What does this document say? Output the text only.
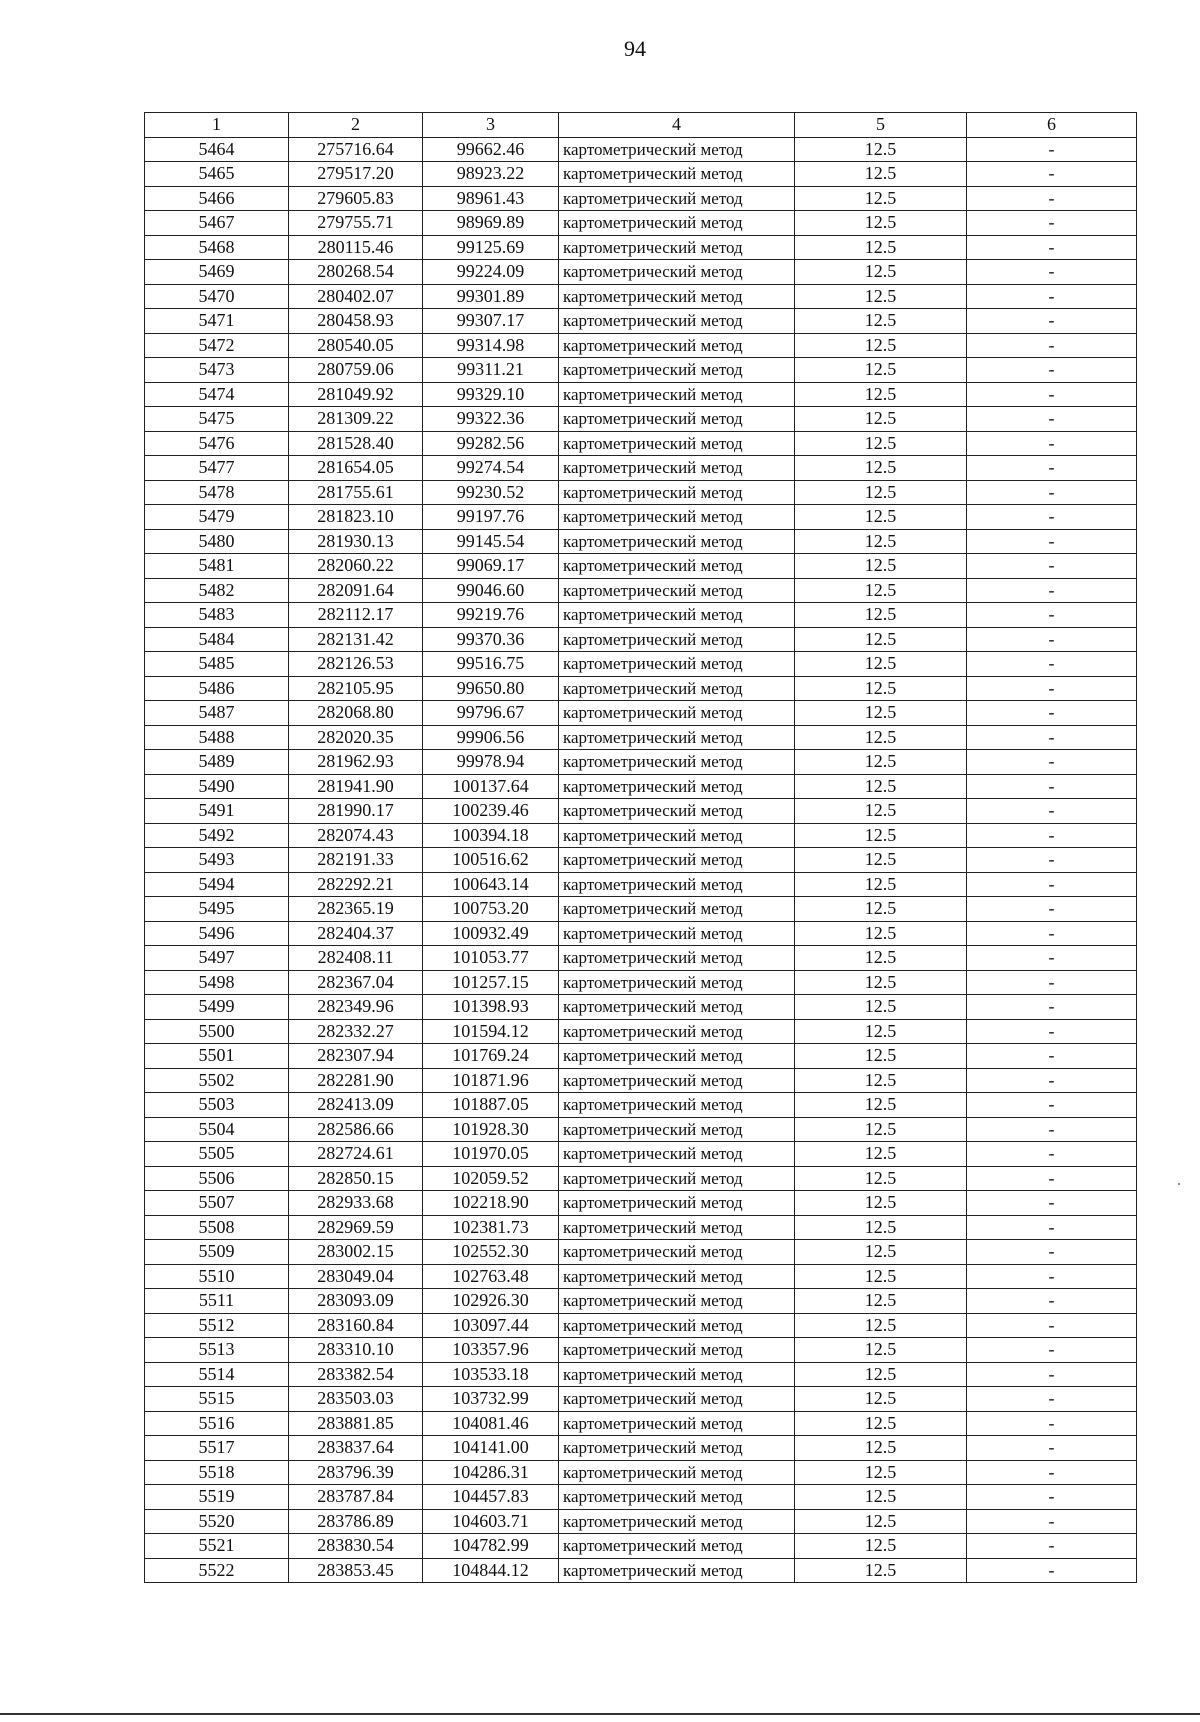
94
1	2	3	4	5	6
5464	275716.64	99662.46	картометрический метод	12.5	-
5465	279517.20	98923.22	картометрический метод	12.5	-
5466	279605.83	98961.43	картометрический метод	12.5	-
5467	279755.71	98969.89	картометрический метод	12.5	-
5468	280115.46	99125.69	картометрический метод	12.5	-
5469	280268.54	99224.09	картометрический метод	12.5	-
5470	280402.07	99301.89	картометрический метод	12.5	-
5471	280458.93	99307.17	картометрический метод	12.5	-
5472	280540.05	99314.98	картометрический метод	12.5	-
5473	280759.06	99311.21	картометрический метод	12.5	-
5474	281049.92	99329.10	картометрический метод	12.5	-
5475	281309.22	99322.36	картометрический метод	12.5	-
5476	281528.40	99282.56	картометрический метод	12.5	-
5477	281654.05	99274.54	картометрический метод	12.5	-
5478	281755.61	99230.52	картометрический метод	12.5	-
5479	281823.10	99197.76	картометрический метод	12.5	-
5480	281930.13	99145.54	картометрический метод	12.5	-
5481	282060.22	99069.17	картометрический метод	12.5	-
5482	282091.64	99046.60	картометрический метод	12.5	-
5483	282112.17	99219.76	картометрический метод	12.5	-
5484	282131.42	99370.36	картометрический метод	12.5	-
5485	282126.53	99516.75	картометрический метод	12.5	-
5486	282105.95	99650.80	картометрический метод	12.5	-
5487	282068.80	99796.67	картометрический метод	12.5	-
5488	282020.35	99906.56	картометрический метод	12.5	-
5489	281962.93	99978.94	картометрический метод	12.5	-
5490	281941.90	100137.64	картометрический метод	12.5	-
5491	281990.17	100239.46	картометрический метод	12.5	-
5492	282074.43	100394.18	картометрический метод	12.5	-
5493	282191.33	100516.62	картометрический метод	12.5	-
5494	282292.21	100643.14	картометрический метод	12.5	-
5495	282365.19	100753.20	картометрический метод	12.5	-
5496	282404.37	100932.49	картометрический метод	12.5	-
5497	282408.11	101053.77	картометрический метод	12.5	-
5498	282367.04	101257.15	картометрический метод	12.5	-
5499	282349.96	101398.93	картометрический метод	12.5	-
5500	282332.27	101594.12	картометрический метод	12.5	-
5501	282307.94	101769.24	картометрический метод	12.5	-
5502	282281.90	101871.96	картометрический метод	12.5	-
5503	282413.09	101887.05	картометрический метод	12.5	-
5504	282586.66	101928.30	картометрический метод	12.5	-
5505	282724.61	101970.05	картометрический метод	12.5	-
5506	282850.15	102059.52	картометрический метод	12.5	-
5507	282933.68	102218.90	картометрический метод	12.5	-
5508	282969.59	102381.73	картометрический метод	12.5	-
5509	283002.15	102552.30	картометрический метод	12.5	-
5510	283049.04	102763.48	картометрический метод	12.5	-
5511	283093.09	102926.30	картометрический метод	12.5	-
5512	283160.84	103097.44	картометрический метод	12.5	-
5513	283310.10	103357.96	картометрический метод	12.5	-
5514	283382.54	103533.18	картометрический метод	12.5	-
5515	283503.03	103732.99	картометрический метод	12.5	-
5516	283881.85	104081.46	картометрический метод	12.5	-
5517	283837.64	104141.00	картометрический метод	12.5	-
5518	283796.39	104286.31	картометрический метод	12.5	-
5519	283787.84	104457.83	картометрический метод	12.5	-
5520	283786.89	104603.71	картометрический метод	12.5	-
5521	283830.54	104782.99	картометрический метод	12.5	-
5522	283853.45	104844.12	картометрический метод	12.5	-
